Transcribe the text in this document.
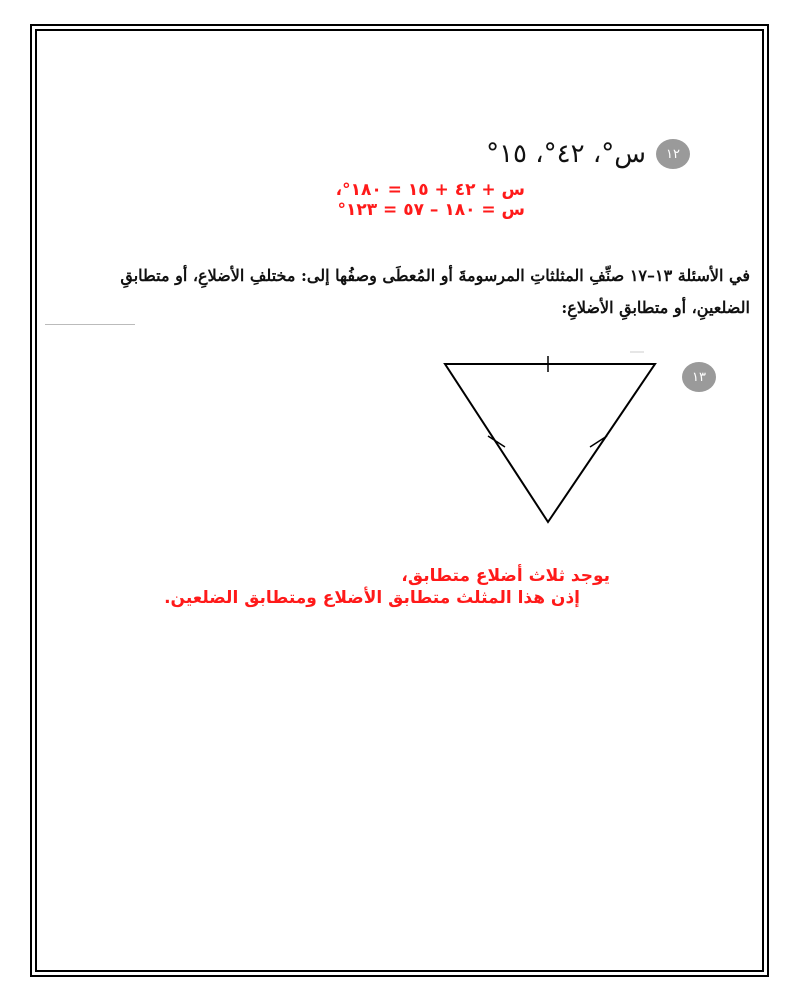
١٢
س°، ٤٢°، ١٥°
س + ٤٢ + ١٥ = ١٨٠°،
س = ١٨٠ – ٥٧ = ١٢٣°
في الأسئلة ١٣–١٧ صنِّفِ المثلثاتِ المرسومةَ أو المُعطَى وصفُها إلى: مختلفِ الأضلاعِ، أو متطابقِ
الضلعينِ، أو متطابقِ الأضلاعِ:
١٣
يوجد ثلاث أضلاع متطابق،
إذن هذا المثلث متطابق الأضلاع ومتطابق الضلعين.
